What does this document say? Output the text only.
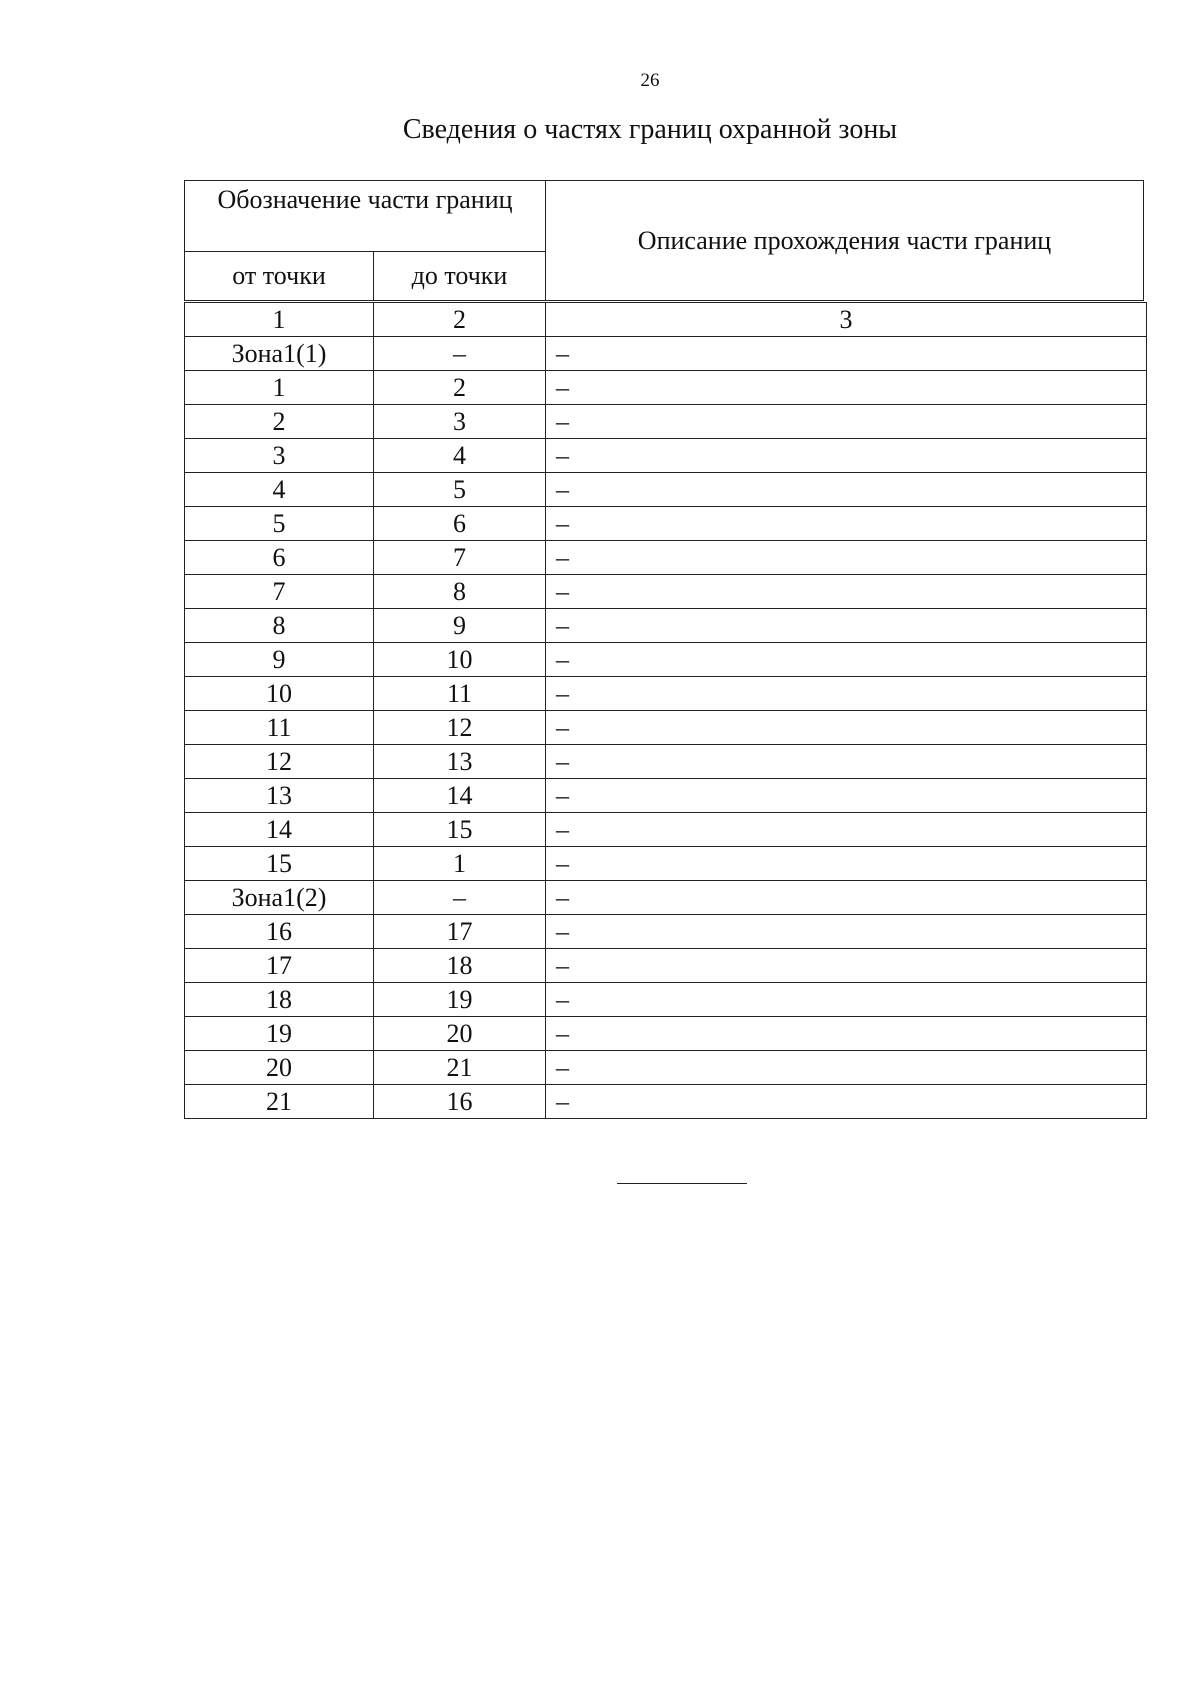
26
Сведения о частях границ охранной зоны
Обозначение части границ		Описание прохождения части границ
от точки	до точки	
1	2	3
Зона1(1)	–	–
1	2	–
2	3	–
3	4	–
4	5	–
5	6	–
6	7	–
7	8	–
8	9	–
9	10	–
10	11	–
11	12	–
12	13	–
13	14	–
14	15	–
15	1	–
Зона1(2)	–	–
16	17	–
17	18	–
18	19	–
19	20	–
20	21	–
21	16	–
